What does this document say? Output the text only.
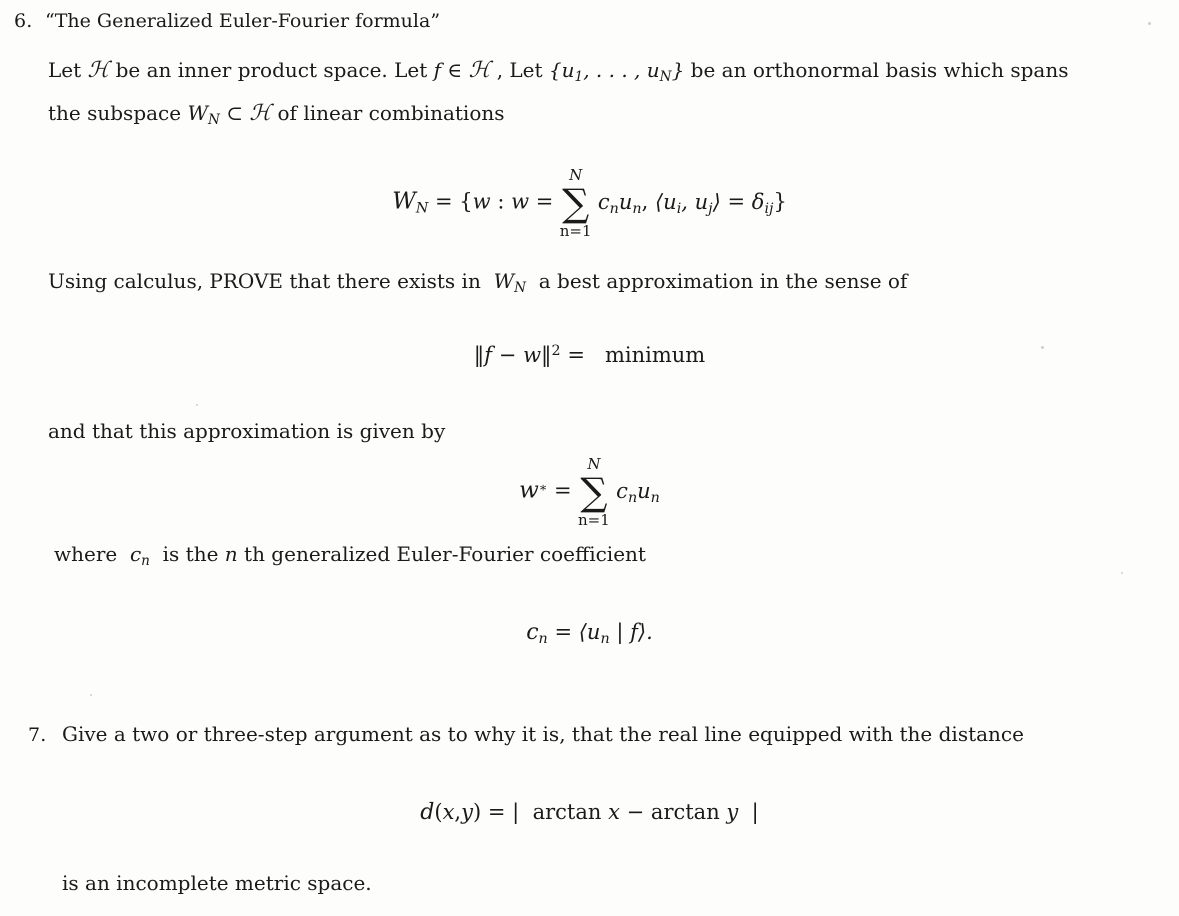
6. “The Generalized Euler-Fourier formula”
Let ℋ be an inner product space. Let f ∈ ℋ , Let {$u_1$, . . . , $u_N$} be an orthonormal basis which spans
the subspace $W_N$ ⊂ ℋ of linear combinations
$W_N = \{w$ : w =
N
∑
n=1
$c_nu_n$, $⟨u_i$, $u_j⟩ = \delta_{ij}$}
Using calculus, PROVE that there exists in $W_N$ a best approximation in the sense of
‖f − w‖$^2$ = minimum
and that this approximation is given by
w∗ =
N
∑
n=1
$c_nu_n$
where $c_n$ is the n th generalized Euler-Fourier coefficient
$c_n$ = $⟨u_n$ | f⟩.
7. Give a two or three-step argument as to why it is, that the real line equipped with the distance
d(x,y) = | arctan x − arctan y |
is an incomplete metric space.
